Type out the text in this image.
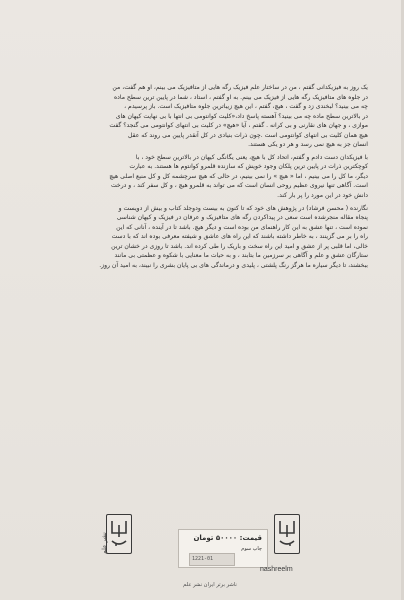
یک روز به فیزیکدانی گفتم ، من در ساختار علم فیزیک رگه هایی از متافیزیک می بینم، او هم گفت، من

در جلوه های متافیزیک رگه هایی از فیزیک می بینم. به او گفتم ، استاد ، شما در پایین ترین سطح ماده

چه می بینید؟ لبخندی زد و گفت ، هیچ، گفتم ، این هیچ زیباترین جلوه متافیزیک است. باز پرسیدم ،

در بالاترین سطح ماده چه می بینید؟ آهسته پاسخ داد،«کلیت کوانتومی بی انتها با بی نهایت کیهان های

موازی ، و جهان های نقارنی و بی کرانه . گفتم ، آیا «هیچ» در کلیت بی انتهای کوانتومی می گنجد؟ گفت

هیچ همان کلیت بی انتهای کوانتومی است .چون ذرات بنیادی در کل آنقدر پایین می روند که عقل

انسان جز به هیچ نمی رسد و هر دو یکی هستند.

با فیزیکدان دست دادم و گفتم، اتحاد کل با هیچ، یعنی یگانگی کیهان در بالاترین سطح خود ، با

کوچکترین ذرات در پایین ترین پلکان وجود خویش که سازنده قلمرو کوانتوم ها هستند. به عبارت

دیگر، ما کل را می بینیم ، اما « هیچ » را نمی بینیم، در حالی که هیچ سرچشمه کل و کل منبع اصلی هیچ

است. آگاهی تنها نیروی عظیم روحی انسان است که می تواند به قلمرو هیچ ، و کل سفر کند ، و درخت

دانش خود در این مورد را پر بار کند.

نگارنده ( محسن فرشاد) در پژوهش های خود که تا کنون به بیست ودوجلد کتاب و بیش از دویست و

پنجاه مقاله منجرشده است سعی در پیداکردن رگه های متافیزیک و عرفان در فیزیک و کیهان شناسی

نموده است ، تنها عشق به این کار راهنمای من بوده است و دیگر هیچ. باشد تا در آینده ، آنانی که این

راه را بر می گزینند ، به خاطر داشته باشند که این راه های عاشق و شیفته معرفی بوده اند که با دست

خالی، اما قلبی پر از عشق و امید این راه سخت و باریک را طی کرده اند. باشد تا روزی در خشان ترین

ستارگان عشق و علم و آگاهی بر سرزمین ما بتابند ، و به حیات ما معنایی با شکوه و عظمتی بی مانند

ببخشند، تا دیگر سیاره ما هرگز رنگ پلشتی ، پلیدی و درماندگی های بی پایان بشری را نبیند، به امید آن روز.

نشر علم	قیمت: ۵۰۰۰۰ تومان
چاپ سوم
1221-01
nashreelm
ناشر برتر ایران نشر علم
